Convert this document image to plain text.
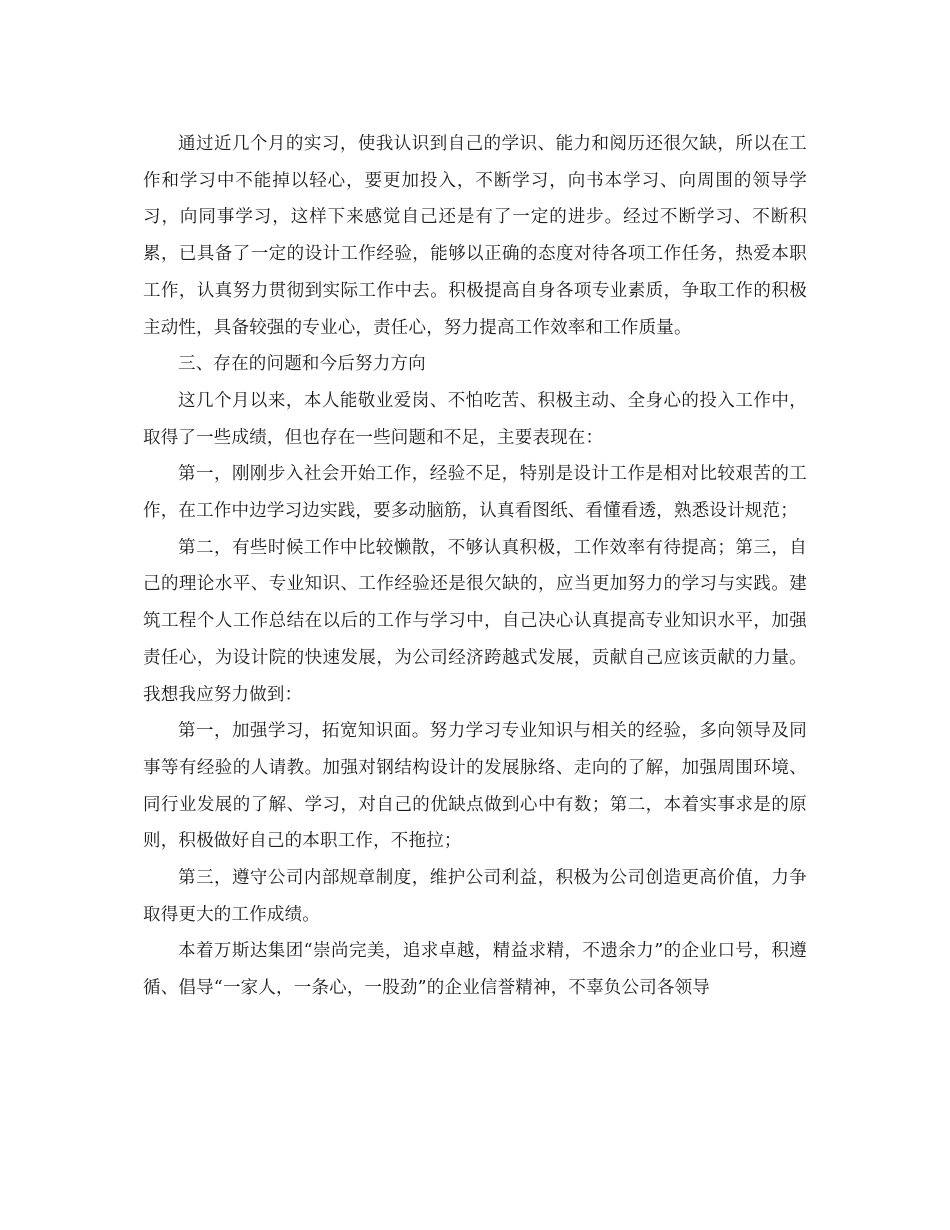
通过近几个月的实习，使我认识到自己的学识、能力和阅历还很欠缺，所以在工作和学习中不能掉以轻心，要更加投入，不断学习，向书本学习、向周围的领导学习，向同事学习，这样下来感觉自己还是有了一定的进步。经过不断学习、不断积累，已具备了一定的设计工作经验，能够以正确的态度对待各项工作任务，热爱本职工作，认真努力贯彻到实际工作中去。积极提高自身各项专业素质，争取工作的积极主动性，具备较强的专业心，责任心，努力提高工作效率和工作质量。

三、存在的问题和今后努力方向

这几个月以来，本人能敬业爱岗、不怕吃苦、积极主动、全身心的投入工作中，取得了一些成绩，但也存在一些问题和不足，主要表现在：

第一，刚刚步入社会开始工作，经验不足，特别是设计工作是相对比较艰苦的工作，在工作中边学习边实践，要多动脑筋，认真看图纸、看懂看透，熟悉设计规范；

第二，有些时候工作中比较懒散，不够认真积极，工作效率有待提高；第三，自己的理论水平、专业知识、工作经验还是很欠缺的，应当更加努力的学习与实践。建筑工程个人工作总结在以后的工作与学习中，自己决心认真提高专业知识水平，加强责任心，为设计院的快速发展，为公司经济跨越式发展，贡献自己应该贡献的力量。我想我应努力做到：

第一，加强学习，拓宽知识面。努力学习专业知识与相关的经验，多向领导及同事等有经验的人请教。加强对钢结构设计的发展脉络、走向的了解，加强周围环境、同行业发展的了解、学习，对自己的优缺点做到心中有数；第二，本着实事求是的原则，积极做好自己的本职工作，不拖拉；

第三，遵守公司内部规章制度，维护公司利益，积极为公司创造更高价值，力争取得更大的工作成绩。

本着万斯达集团“崇尚完美，追求卓越，精益求精，不遗余力”的企业口号，积遵循、倡导“一家人，一条心，一股劲”的企业信誉精神，不辜负公司各领导
